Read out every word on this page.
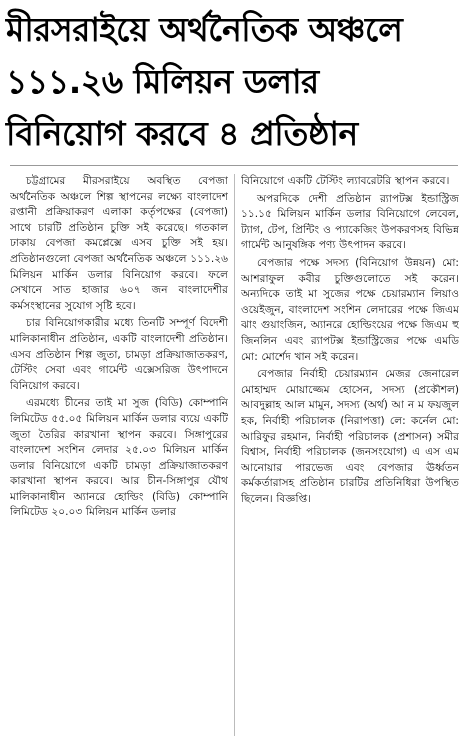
মীরসরাইয়ে অর্থনৈতিক অঞ্চলে
১১১.২৬ মিলিয়ন ডলার
বিনিয়োগ করবে ৪ প্রতিষ্ঠান

চট্টগ্রামের মীরসরাইয়ে অবস্থিত বেপজা অর্থনৈতিক অঞ্চলে শিল্প স্থাপনের লক্ষ্যে বাংলাদেশ রপ্তানী প্রক্রিয়াকরণ এলাকা কর্তৃপক্ষের (বেপজা) সাথে চারটি প্রতিষ্ঠান চুক্তি সই করেছে। গতকাল ঢাকায় বেপজা কমপ্লেক্সে এসব চুক্তি সই হয়। প্রতিষ্ঠানগুলো বেপজা অর্থনৈতিক অঞ্চলে ১১১.২৬ মিলিয়ন মার্কিন ডলার বিনিয়োগ করবে। ফলে সেখানে সাত হাজার ৬০৭ জন বাংলাদেশীর কর্মসংস্থানের সুযোগ সৃষ্টি হবে।

চার বিনিয়োগকারীর মধ্যে তিনটি সম্পূর্ণ বিদেশী মালিকানাধীন প্রতিষ্ঠান, একটি বাংলাদেশী প্রতিষ্ঠান। এসব প্রতিষ্ঠান শিল্প জুতা, চামড়া প্রক্রিয়াজাতকরণ, টেস্টিং সেবা এবং গার্মেন্ট এক্সেসরিজ উৎপাদনে বিনিয়োগ করবে।

এরমধ্যে চীনের তাই মা সুজ (বিডি) কোম্পানি লিমিটেড ৫৫.০৫ মিলিয়ন মার্কিন ডলার ব্যয়ে একটি জুতা তৈরির কারখানা স্থাপন করবে। সিঙ্গাপুরের বাংলাদেশ সংশিন লেদার ২৫.০৩ মিলিয়ন মার্কিন ডলার বিনিয়োগে একটি চামড়া প্রক্রিয়াজাতকরণ কারখানা স্থাপন করবে। আর চীন-সিঙ্গাপুর যৌথ মালিকানাধীন অ্যানরে হোল্ডিং (বিডি) কোম্পানি লিমিটেড ২০.০৩ মিলিয়ন মার্কিন ডলার

বিনিয়োগে একটি টেস্টিং ল্যাবরেটরি স্থাপন করবে।

অপরদিকে দেশী প্রতিষ্ঠান র‌্যাপটক্স ইন্ডাস্ট্রিজ ১১.১৫ মিলিয়ন মার্কিন ডলার বিনিয়োগে লেবেল, ট্যাগ, টেপ, প্রিন্টিং ও প্যাকেজিং উপকরণসহ বিভিন্ন গার্মেন্ট আনুষঙ্গিক পণ্য উৎপাদন করবে।

বেপজার পক্ষে সদস্য (বিনিয়োগ উন্নয়ন) মো: আশরাফুল কবীর চুক্তিগুলোতে সই করেন। অন্যদিকে তাই মা সুজের পক্ষে চেয়ারম্যান লিয়াও ওয়েইজুন, বাংলাদেশ সংশিন লেদারের পক্ষে জিএম ঝাং গুয়াংজিন, অ্যানরে হোল্ডিংয়ের পক্ষে জিএম হু জিনলিন এবং র‌্যাপটক্স ইন্ডাস্ট্রিজের পক্ষে এমডি মো: মোর্শেদ খান সই করেন।

বেপজার নির্বাহী চেয়ারম্যান মেজর জেনারেল মোহাম্মদ মোয়াজ্জেম হোসেন, সদস্য (প্রকৌশল) আবদুল্লাহ আল মামুন, সদস্য (অর্থ) আ ন ম ফয়জুল হক, নির্বাহী পরিচালক (নিরাপত্তা) লে: কর্নেল মো: আরিফুর রহমান, নির্বাহী পরিচালক (প্রশাসন) সমীর বিশ্বাস, নির্বাহী পরিচালক (জনসংযোগ) এ এস এম আনোয়ার পারভেজ এবং বেপজার ঊর্ধ্বতন কর্মকর্তারাসহ প্রতিষ্ঠান চারটির প্রতিনিধিরা উপস্থিত ছিলেন। বিজ্ঞপ্তি।
